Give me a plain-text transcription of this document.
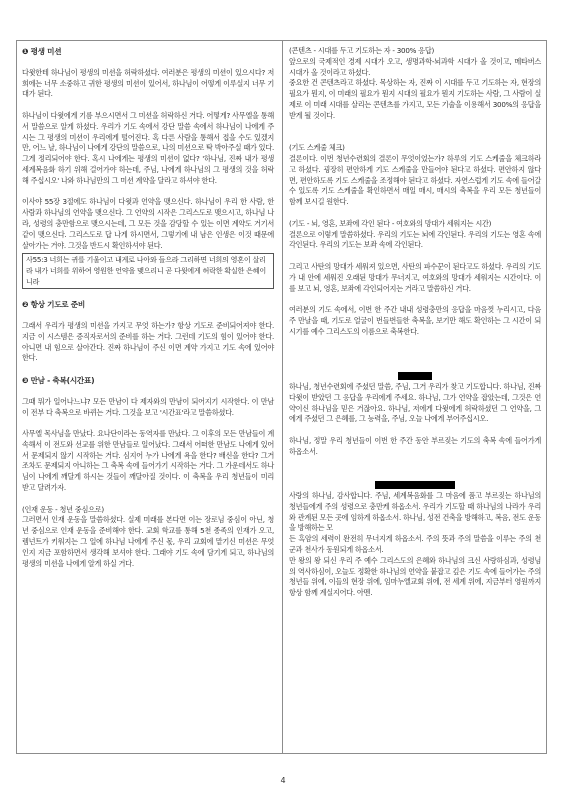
❶ 평생 미션

다윗한테 하나님이 평생의 미션을 허락하셨다. 여러분은 평생의 미션이 있으시다? 저희에는 너무 소중하고 귀한 평생의 미션이 있어서, 하나님이 어떻게 이루실지 너무 기대가 된다.

하나님이 다윗에게 기름 부으시면서 그 미션을 허락하신 거다. 어떻게? 사무엘을 통해서 말씀으로 알게 하셨다. 우리가 기도 속에서 강단 말씀 속에서 하나님이 나에게 주시는 그 평생의 미션이 우리에게 떨어진다. 혹 다른 사람을 통해서 접을 수도 있겠지만, 어느 날, 하나님이 나에게 강단의 말씀으로, 나의 미션으로 탁 박아주실 때가 있다. 그게 정리되어야 한다. 혹시 나에게는 평생의 미션이 없다? '하나님, 진짜 내가 평생 세계복음화 하기 위해 걸어가야 하는데, 주님, 나에게 하나님의 그 평생의 것을 허락해 주십시오' 나와 하나님만의 그 미션 계약을 달라고 하셔야 한다.

이사야 55장 3절에도 하나님이 다윗과 언약을 맺으신다. 하나님이 우리 한 사람, 한 사람과 하나님의 언약을 맺으신다. 그 언약의 시작은 그리스도로 맺으시고, 하나님 나라, 성령의 충만함으로 맺으시는데, 그 모든 것을 감당할 수 있는 이면 계약도 거기서 같이 맺으신다. 그리스도로 답 나게 하시면서, 그렇기에 내 남은 인생은 이것 때문에 살아가는 거야. 그것을 반드시 확인하셔야 된다.

사55:3 너희는 귀를 기울이고 내게로 나아와 들으라 그리하면 너희의 영혼이 살리라 내가 너희를 위하여 영원한 언약을 맺으리니 곧 다윗에게 허락한 확실한 은혜이니라

❷ 항상 기도로 준비

그래서 우리가 평생의 미션을 가지고 무엇 하는가? 항상 기도로 준비되어져야 한다. 지금 이 시스템은 증직자로서의 준비를 하는 거다. 그런데 기도의 힘이 있어야 한다. 아니면 내 힘으로 살아간다. 진짜 하나님이 주신 이면 계약 가지고 기도 속에 있어야 한다.

❸ 만남 - 축복(시간표)

그때 뭐가 일어나느냐? 모든 만남이 다 제자와의 만남이 되어지기 시작한다. 이 만남이 전부 다 축복으로 바뀌는 거다. 그것을 보고 '시간표'라고 말씀하셨다.

사무엘 목사님을 만났다. 요나단이라는 동역자를 만났다. 그 이후의 모든 만남들이 계속해서 이 전도와 선교를 위한 만남들로 일어났다. 그래서 어떠한 만남도 나에게 있어서 문제되지 않기 시작하는 거다. 심지어 누가 나에게 욕을 한다? 배신을 한다? 그거 조차도 문제되지 아니하는 그 축복 속에 들어가기 시작하는 거다. 그 가운데서도 하나님이 나에게 깨달게 하시는 것들이 깨달아질 것이다. 이 축복을 우리 청년들이 미리 받고 달려가자.

(인재 운동 - 청년 중심으로)

그러면서 인재 운동을 말씀하셨다. 실제 미래를 본다면 이는 장로님 중심이 아닌, 청년 중심으로 인재 운동을 준비해야 한다. 교회 학교를 통해 5천 종족의 인재가 오고, 렘넌트가 키워지는 그 일에 하나님 나에게 주신 몫, 우리 교회에 맡기신 미션은 무엇인지 지금 포함하면서 생각해 보셔야 한다. 그래야 기도 속에 담기게 되고, 하나님의 평생의 미션을 나에게 알게 하실 거다.

(콘텐츠 - 시대를 두고 기도하는 자 - 300% 응답)

앞으로의 국제적인 경제 시대가 오고, 생명과학-뇌과학 시대가 올 것이고, 메타버스 시대가 올 것이라고 하셨다.

중요한 건 콘텐츠라고 하셨다. 목상하는 자, 진짜 이 시대를 두고 기도하는 자, 현장의 필요가 뭔지, 이 미래의 필요가 뭔지 시대의 필요가 뭔지 기도하는 사람, 그 사람이 실제로 이 미래 시대를 살리는 콘텐츠를 가지고, 모든 기술을 이용해서 300%의 응답을 받게 될 것이다.

(기도 스케줄 체크)

결론이다. 이번 청년수련회의 결론이 무엇이었는가? 하루의 기도 스케줄을 체크하라고 하셨다. 굉장히 편안하게 기도 스케줄을 만들어야 된다고 하셨다. 편안하지 않다면, 편안하도록 기도 스케줄을 조정해야 된다고 하셨다. 자연스럽게 기도 속에 들어갈 수 있도록 기도 스케줄을 확인하면서 매일 매시, 매시의 축복을 우리 모든 청년들이 함께 보시길 원한다.

(기도 - 뇌, 영혼, 보좌에 각인 된다 - 여호와의 망대가 세워지는 시간)

결론으로 이렇게 말씀하셨다. 우리의 기도는 뇌에 각인된다. 우리의 기도는 영혼 속에 각인된다. 우리의 기도는 보좌 속에 각인된다.

그리고 사탄의 망대가 세워져 있으면, 사탄의 파수꾼이 된다고도 하셨다. 우리의 기도가 내 안에 세워진 오래된 망대가 무너지고, 여호와의 망대가 세워지는 시간이다. 이를 보고 뇌, 영혼, 보좌에 각인되어지는 거라고 말씀하신 거다.

여러분의 기도 속에서, 이번 한 주간 내내 성령충만의 응답을 마음껏 누리시고, 다음 주 만날을 때, 기도로 얼굴이 번들번들한 축복을, 보기만 해도 확인하는 그 시간이 되시기를 예수 그리스도의 이름으로 축복한다.

하나님, 청년수련회에 주셨던 말씀, 주님, 그거 우리가 찾고 기도합니다. 하나님, 진짜 다윗이 받았던 그 응답을 우리에게 주세요. 하나님, 그가 언약을 잡았는데, 그것은 언약이신 하나님을 믿은 거잖아요. 하나님, 저에게 다윗에게 허락하셨던 그 언약을, 그에게 주셨던 그 은혜를, 그 능력을, 주님, 오늘 나에게 부어주십시오.

하나님, 정말 우리 청년들이 이번 한 주간 동안 부르짖는 기도의 축복 속에 들어가게 하옵소서.

사랑의 하나님, 감사합니다. 주님, 세계복음화를 그 마음에 품고 부르짖는 하나님의 청년들에게 주의 성령으로 충만케 하옵소서. 우리가 기도할 때 하나님의 나라가 우리와 관계된 모든 곳에 임하게 하옵소서. 하나님, 성전 건축을 방해하고, 복음, 전도 운동을 방해하는 모

든 흑암의 세력이 완전히 무너지게 하옵소서. 주의 뜻과 주의 말씀을 이루는 주의 천군과 천사가 동원되게 하옵소서.

만 왕의 왕 되신 우리 주 예수 그리스도의 은혜와 하나님의 크신 사랑하심과, 성령님의 역사하심이, 오늘도 정확한 하나님의 언약을 붙잡고 깊은 기도 속에 들어가는 주의 청년들 위에, 이들의 현장 위에, 임마누엘교회 위에, 전 세계 위에, 지금부터 영원까지 항상 함께 계실지어다. 아멘.

4
